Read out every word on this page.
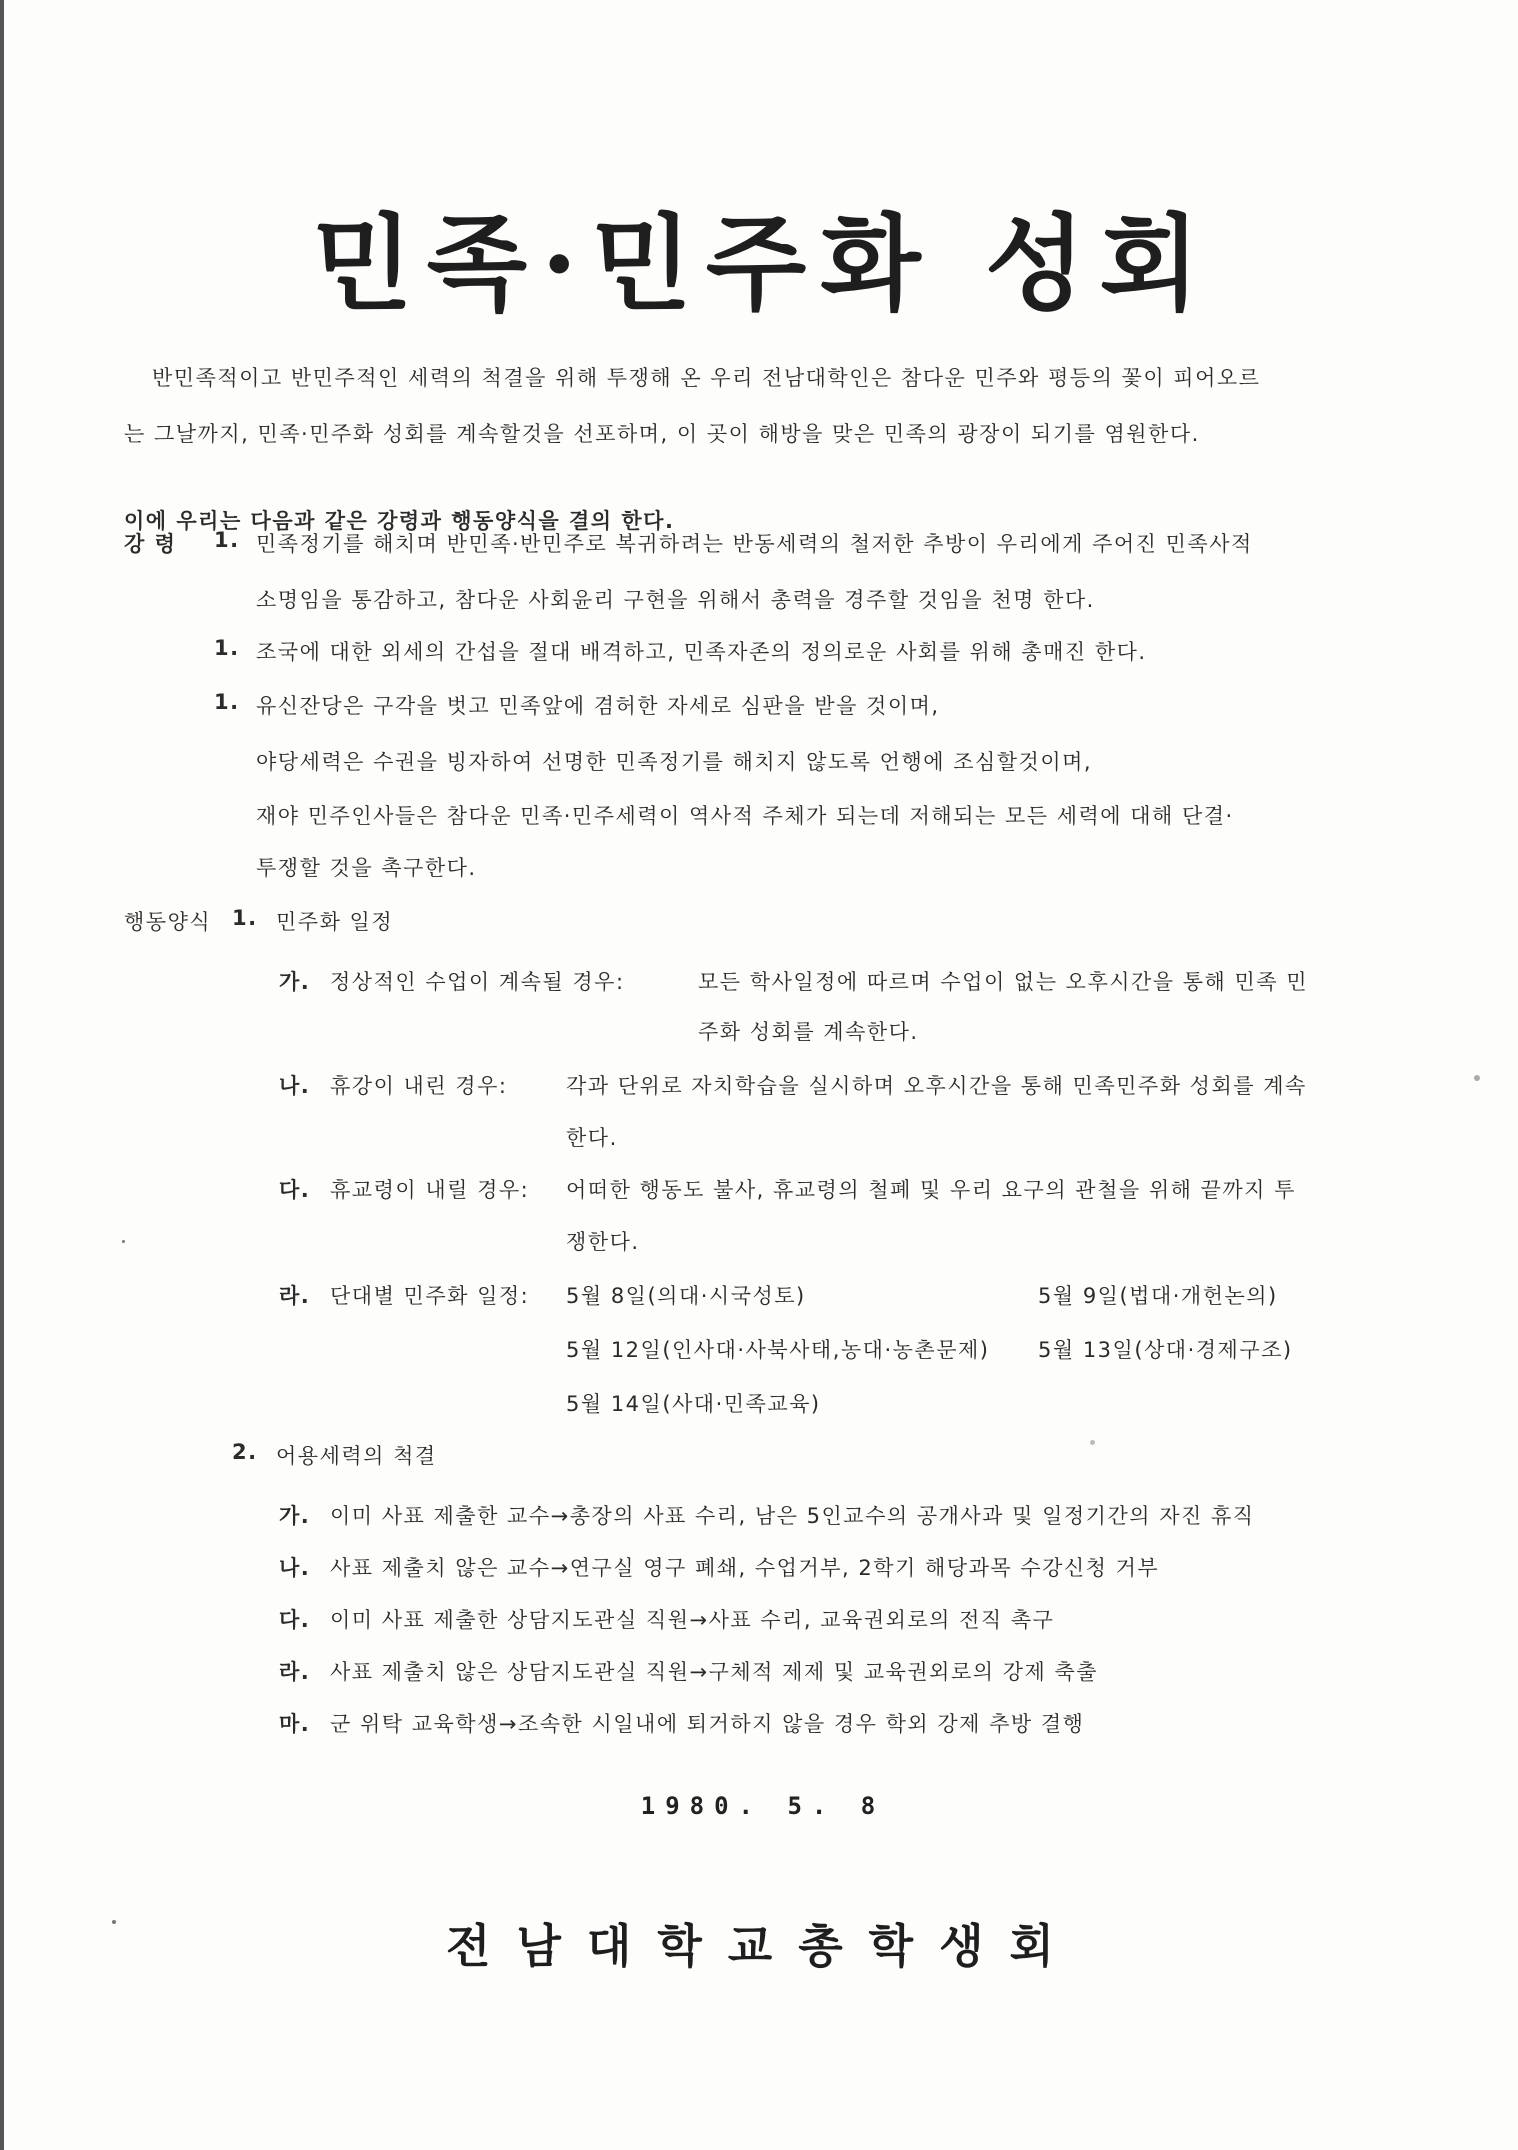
민족·민주화 성회
반민족적이고 반민주적인 세력의 척결을 위해 투쟁해 온 우리 전남대학인은 참다운 민주와 평등의 꽃이 피어오르
는 그날까지, 민족·민주화 성회를 계속할것을 선포하며, 이 곳이 해방을 맞은 민족의 광장이 되기를 염원한다.
이에 우리는 다음과 같은 강령과 행동양식을 결의 한다.
강 령 1. 민족정기를 해치며 반민족·반민주로 복귀하려는 반동세력의 철저한 추방이 우리에게 주어진 민족사적
소명임을 통감하고, 참다운 사회윤리 구현을 위해서 총력을 경주할 것임을 천명 한다.
1. 조국에 대한 외세의 간섭을 절대 배격하고, 민족자존의 정의로운 사회를 위해 총매진 한다.
1. 유신잔당은 구각을 벗고 민족앞에 겸허한 자세로 심판을 받을 것이며,
야당세력은 수권을 빙자하여 선명한 민족정기를 해치지 않도록 언행에 조심할것이며,
재야 민주인사들은 참다운 민족·민주세력이 역사적 주체가 되는데 저해되는 모든 세력에 대해 단결·
투쟁할 것을 촉구한다.
행동양식 1. 민주화 일정
가. 정상적인 수업이 계속될 경우:	모든 학사일정에 따르며 수업이 없는 오후시간을 통해 민족 민
주화 성회를 계속한다.
나. 휴강이 내린 경우:	각과 단위로 자치학습을 실시하며 오후시간을 통해 민족민주화 성회를 계속
한다.
다. 휴교령이 내릴 경우: 어떠한 행동도 불사, 휴교령의 철폐 및 우리 요구의 관철을 위해 끝까지 투
쟁한다.
라. 단대별 민주화 일정: 5월 8일(의대·시국성토)	5월 9일(법대·개헌논의)
5월 12일(인사대·사북사태,농대·농촌문제) 5월 13일(상대·경제구조)
5월 14일(사대·민족교육)
2. 어용세력의 척결
가. 이미 사표 제출한 교수→총장의 사표 수리, 남은 5인교수의 공개사과 및 일정기간의 자진 휴직
나. 사표 제출치 않은 교수→연구실 영구 폐쇄, 수업거부, 2학기 해당과목 수강신청 거부
다. 이미 사표 제출한 상담지도관실 직원→사표 수리, 교육권외로의 전직 촉구
라. 사표 제출치 않은 상담지도관실 직원→구체적 제제 및 교육권외로의 강제 축출
마. 군 위탁 교육학생→조속한 시일내에 퇴거하지 않을 경우 학외 강제 추방 결행
1980. 5. 8
전남대학교총학생회
